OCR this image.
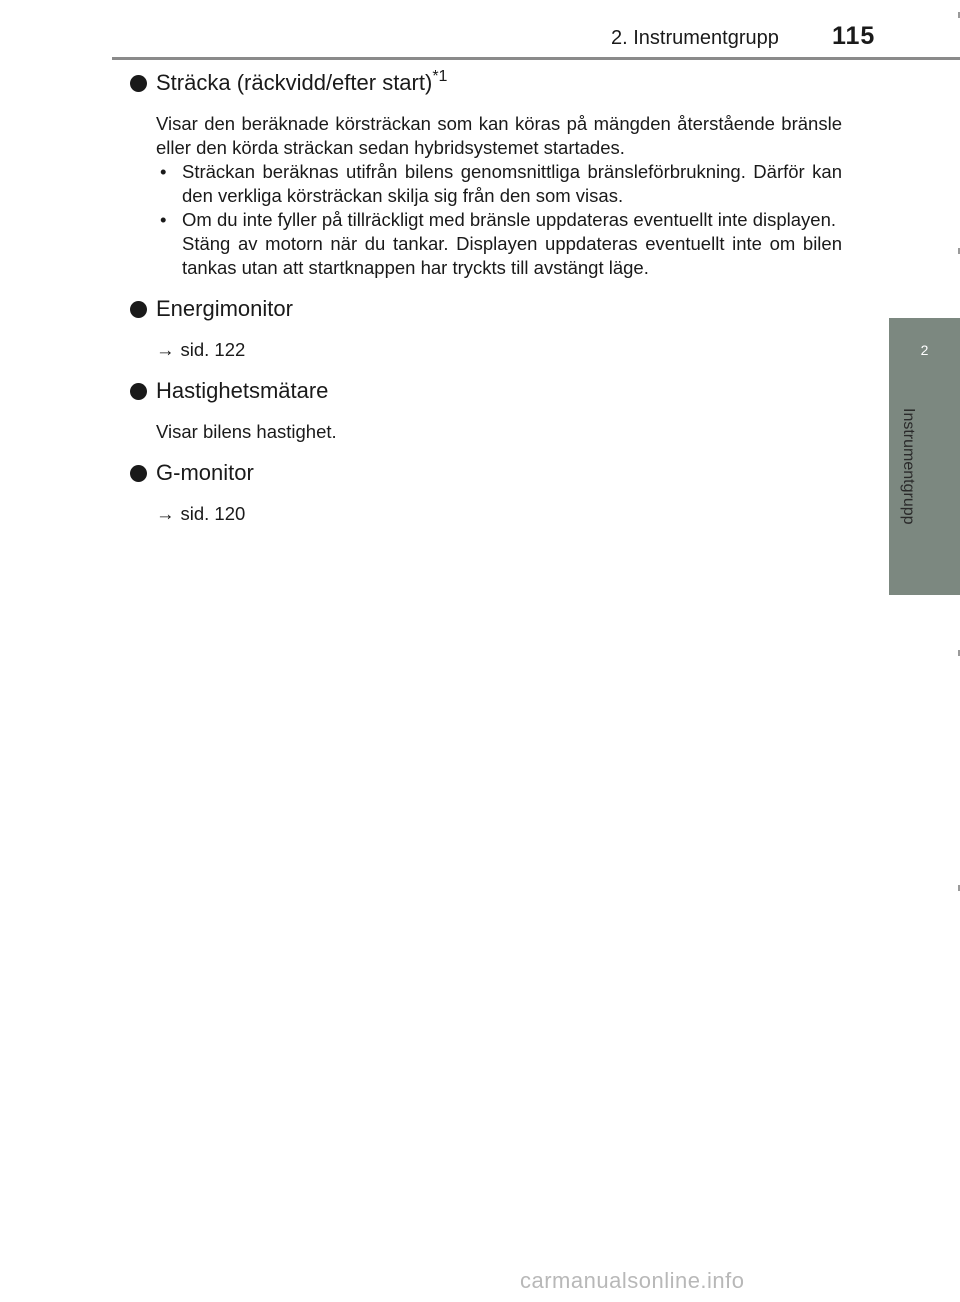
2. Instrumentgrupp 115
2
Instrumentgrupp
Sträcka (räckvidd/efter start)$^{*1}$

Visar den beräknade körsträckan som kan köras på mängden återstående bränsle eller den körda sträckan sedan hybridsystemet startades.

• Sträckan beräknas utifrån bilens genomsnittliga bränsleförbrukning. Därför kan den verkliga körsträckan skilja sig från den som visas.
• Om du inte fyller på tillräckligt med bränsle uppdateras eventuellt inte displayen.
Stäng av motorn när du tankar. Displayen uppdateras eventuellt inte om bilen tankas utan att startknappen har tryckts till avstängt läge.
Energimonitor

→ sid. 122

Hastighetsmätare

Visar bilens hastighet.

G-monitor

→ sid. 120

carmanualsonline.info
